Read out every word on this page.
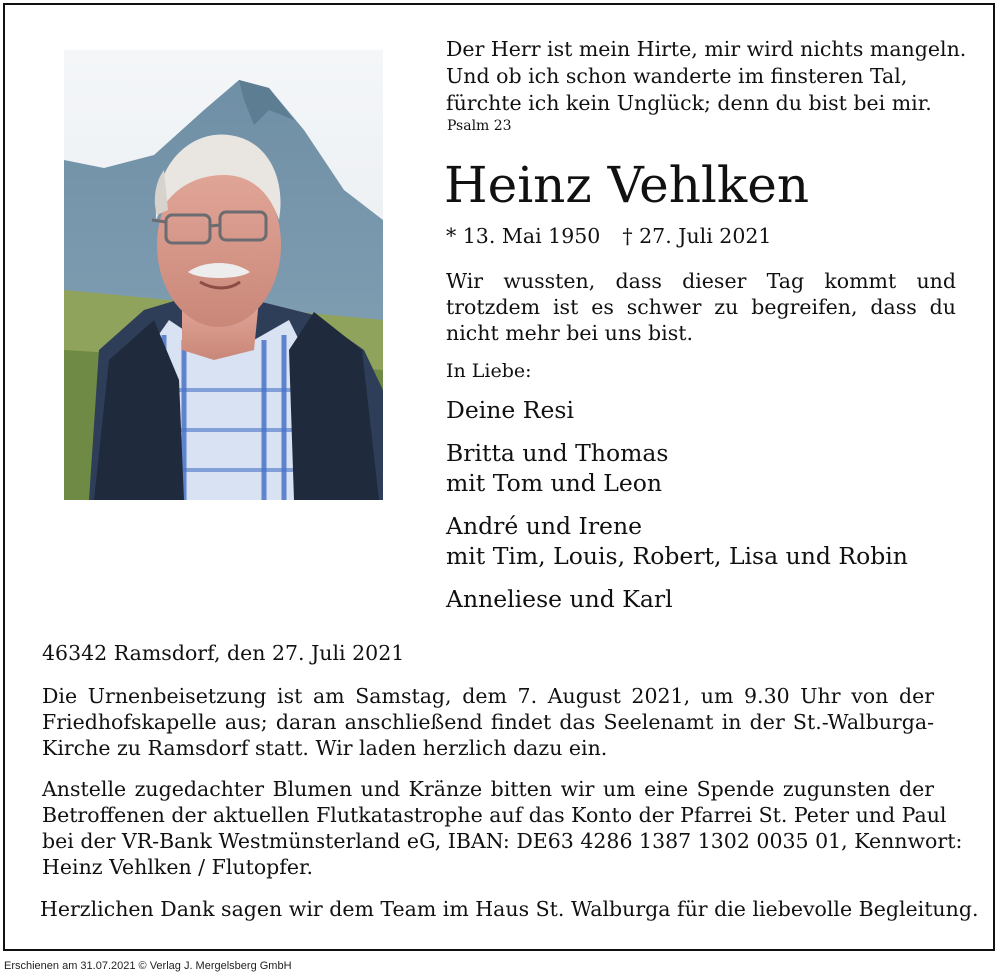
Der Herr ist mein Hirte, mir wird nichts mangeln.
Und ob ich schon wanderte im finsteren Tal,
fürchte ich kein Unglück; denn du bist bei mir.
Psalm 23
Heinz Vehlken
* 13. Mai 1950 † 27. Juli 2021
Wir wussten, dass dieser Tag kommt und
trotzdem ist es schwer zu begreifen, dass du
nicht mehr bei uns bist.
In Liebe:
Deine Resi
Britta und Thomas
mit Tom und Leon
André und Irene
mit Tim, Louis, Robert, Lisa und Robin
Anneliese und Karl
46342 Ramsdorf, den 27. Juli 2021
Die Urnenbeisetzung ist am Samstag, dem 7. August 2021, um 9.30 Uhr von der
Friedhofskapelle aus; daran anschließend findet das Seelenamt in der St.-Walburga-
Kirche zu Ramsdorf statt. Wir laden herzlich dazu ein.
Anstelle zugedachter Blumen und Kränze bitten wir um eine Spende zugunsten der
Betroffenen der aktuellen Flutkatastrophe auf das Konto der Pfarrei St. Peter und Paul
bei der VR-Bank Westmünsterland eG, IBAN: DE63 4286 1387 1302 0035 01, Kennwort:
Heinz Vehlken / Flutopfer.
Herzlichen Dank sagen wir dem Team im Haus St. Walburga für die liebevolle Begleitung.
Erschienen am 31.07.2021 © Verlag J. Mergelsberg GmbH
